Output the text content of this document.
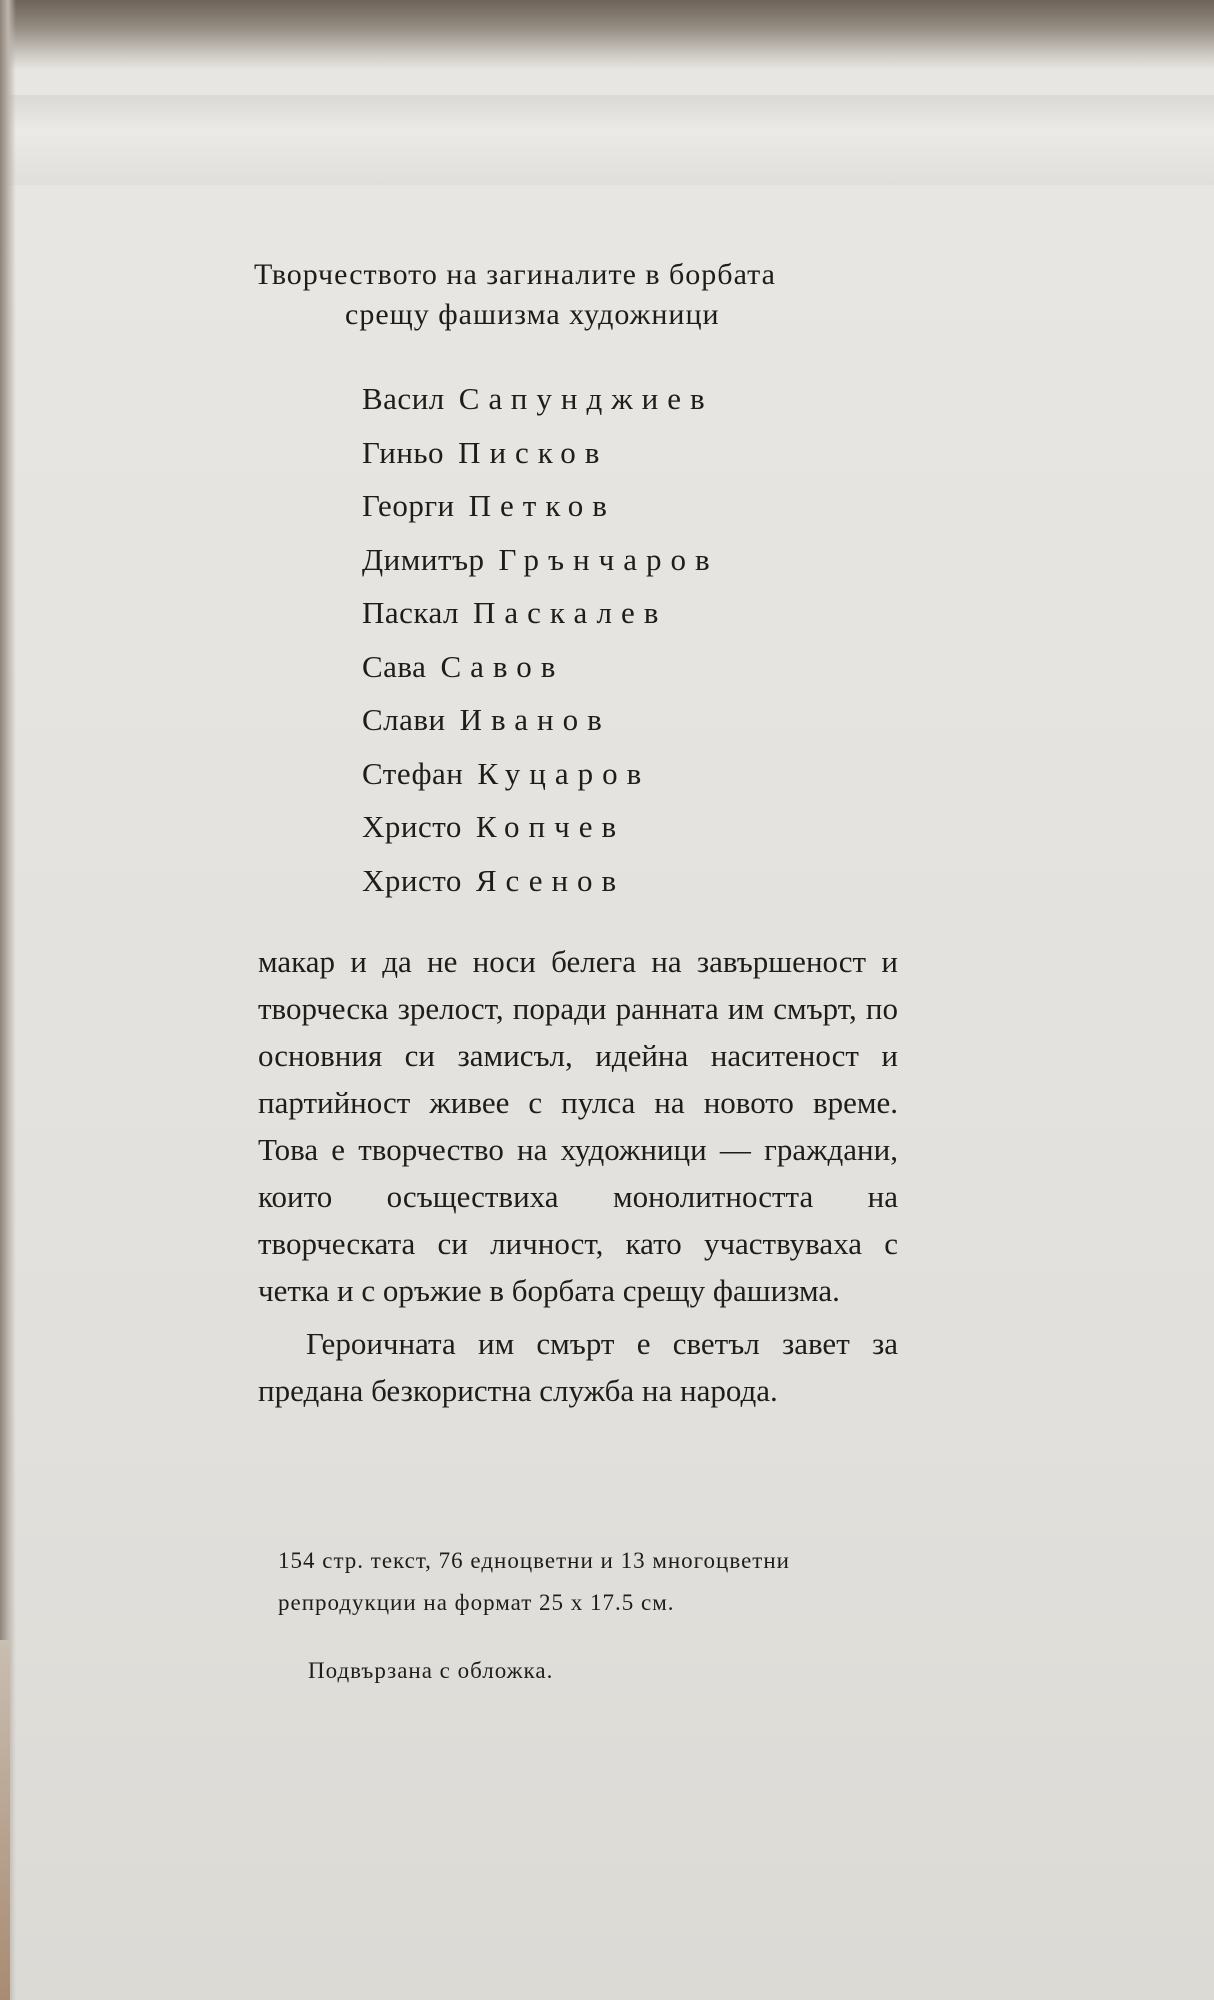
Творчеството на загиналите в борбата
срещу фашизма художници
Васил Сапунджиев
Гиньо Писков
Георги Петков
Димитър Грънчаров
Паскал Паскалев
Сава Савов
Слави Иванов
Стефан Куцаров
Христо Копчев
Христо Ясенов

макар и да не носи белега на завършеност и творческа зрелост, поради ранната им смърт, по основния си замисъл, идейна наситеност и партийност живее с пулса на новото време. Това е творчество на художници — граждани, които осъществиха монолитността на творческата си личност, като участвуваха с четка и с оръжие в борбата срещу фашизма.

Героичната им смърт е светъл завет за предана безкористна служба на народа.

154 стр. текст, 76 едноцветни и 13 многоцветни репродукции на формат 25 х 17.5 см.

Подвързана с обложка.
